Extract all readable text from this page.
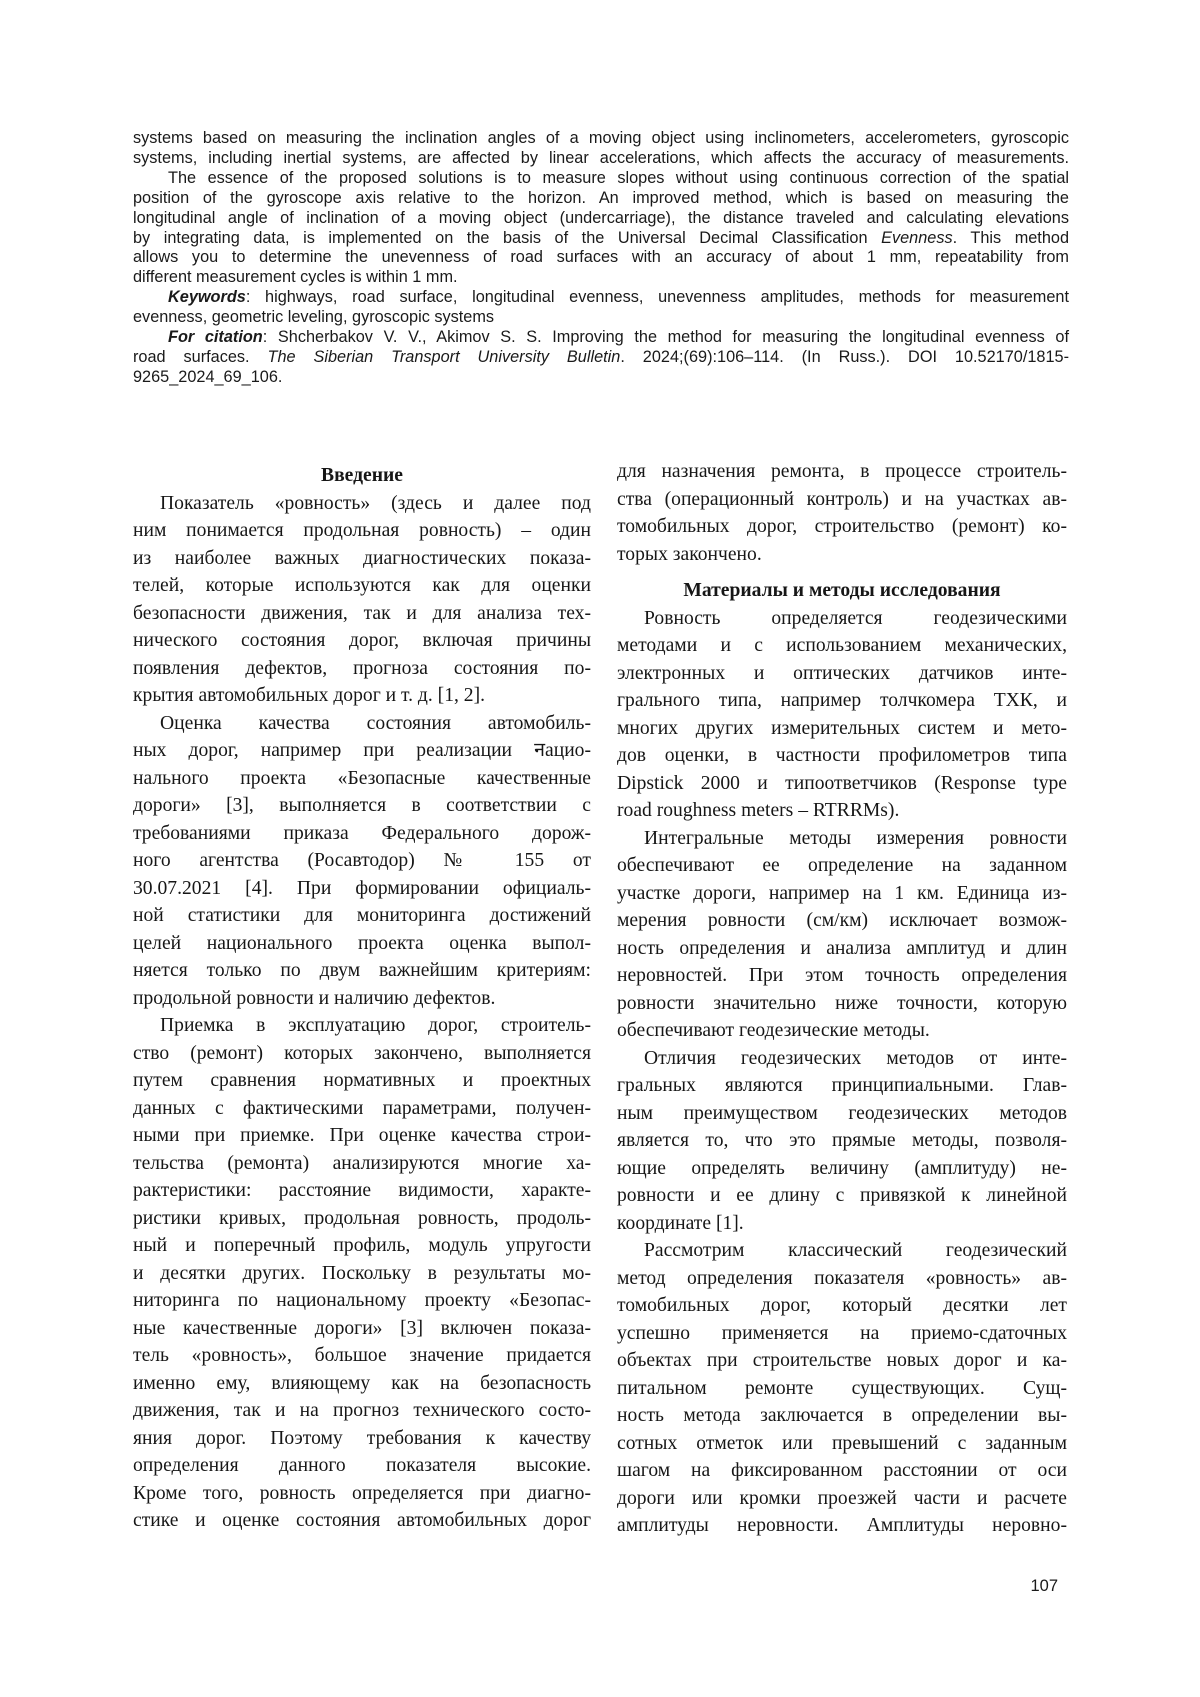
systems based on measuring the inclination angles of a moving object using inclinometers, accelerometers, gyroscopic
systems, including inertial systems, are affected by linear accelerations, which affects the accuracy of measurements.
The essence of the proposed solutions is to measure slopes without using continuous correction of the spatial
position of the gyroscope axis relative to the horizon. An improved method, which is based on measuring the
longitudinal angle of inclination of a moving object (undercarriage), the distance traveled and calculating elevations
by integrating data, is implemented on the basis of the Universal Decimal Classification Evenness. This method
allows you to determine the unevenness of road surfaces with an accuracy of about 1 mm, repeatability from
different measurement cycles is within 1 mm.
Keywords: highways, road surface, longitudinal evenness, unevenness amplitudes, methods for measurement
evenness, geometric leveling, gyroscopic systems
For citation: Shcherbakov V. V., Akimov S. S. Improving the method for measuring the longitudinal evenness of
road surfaces. The Siberian Transport University Bulletin. 2024;(69):106–114. (In Russ.). DOI 10.52170/1815-
9265_2024_69_106.
Введение
Показатель «ровность» (здесь и далее под
ним понимается продольная ровность) – один
из наиболее важных диагностических показа-
телей, которые используются как для оценки
безопасности движения, так и для анализа тех-
нического состояния дорог, включая причины
появления дефектов, прогноза состояния по-
крытия автомобильных дорог и т. д. [1, 2].
Оценка качества состояния автомобиль-
ных дорог, например при реализации नацио-
нального проекта «Безопасные качественные
дороги» [3], выполняется в соответствии с
требованиями приказа Федерального дорож-
ного агентства (Росавтодор) № 155 от
30.07.2021 [4]. При формировании официаль-
ной статистики для мониторинга достижений
целей национального проекта оценка выпол-
няется только по двум важнейшим критериям:
продольной ровности и наличию дефектов.
Приемка в эксплуатацию дорог, строитель-
ство (ремонт) которых закончено, выполняется
путем сравнения нормативных и проектных
данных с фактическими параметрами, получен-
ными при приемке. При оценке качества строи-
тельства (ремонта) анализируются многие ха-
рактеристики: расстояние видимости, характе-
ристики кривых, продольная ровность, продоль-
ный и поперечный профиль, модуль упругости
и десятки других. Поскольку в результаты мо-
ниторинга по национальному проекту «Безопас-
ные качественные дороги» [3] включен показа-
тель «ровность», большое значение придается
именно ему, влияющему как на безопасность
движения, так и на прогноз технического состо-
яния дорог. Поэтому требования к качеству
определения данного показателя высокие.
Кроме того, ровность определяется при диагно-
стике и оценке состояния автомобильных дорог
для назначения ремонта, в процессе строитель-
ства (операционный контроль) и на участках ав-
томобильных дорог, строительство (ремонт) ко-
торых закончено.
Материалы и методы исследования
Ровность определяется геодезическими
методами и с использованием механических,
электронных и оптических датчиков инте-
грального типа, например толчкомера ТХК, и
многих других измерительных систем и мето-
дов оценки, в частности профилометров типа
Dipstick 2000 и типоответчиков (Response type
road roughness meters – RTRRMs).
Интегральные методы измерения ровности
обеспечивают ее определение на заданном
участке дороги, например на 1 км. Единица из-
мерения ровности (см/км) исключает возмож-
ность определения и анализа амплитуд и длин
неровностей. При этом точность определения
ровности значительно ниже точности, которую
обеспечивают геодезические методы.
Отличия геодезических методов от инте-
гральных являются принципиальными. Глав-
ным преимуществом геодезических методов
является то, что это прямые методы, позволя-
ющие определять величину (амплитуду) не-
ровности и ее длину с привязкой к линейной
координате [1].
Рассмотрим классический геодезический
метод определения показателя «ровность» ав-
томобильных дорог, который десятки лет
успешно применяется на приемо-сдаточных
объектах при строительстве новых дорог и ка-
питальном ремонте существующих. Сущ-
ность метода заключается в определении вы-
сотных отметок или превышений с заданным
шагом на фиксированном расстоянии от оси
дороги или кромки проезжей части и расчете
амплитуды неровности. Амплитуды неровно-
107
